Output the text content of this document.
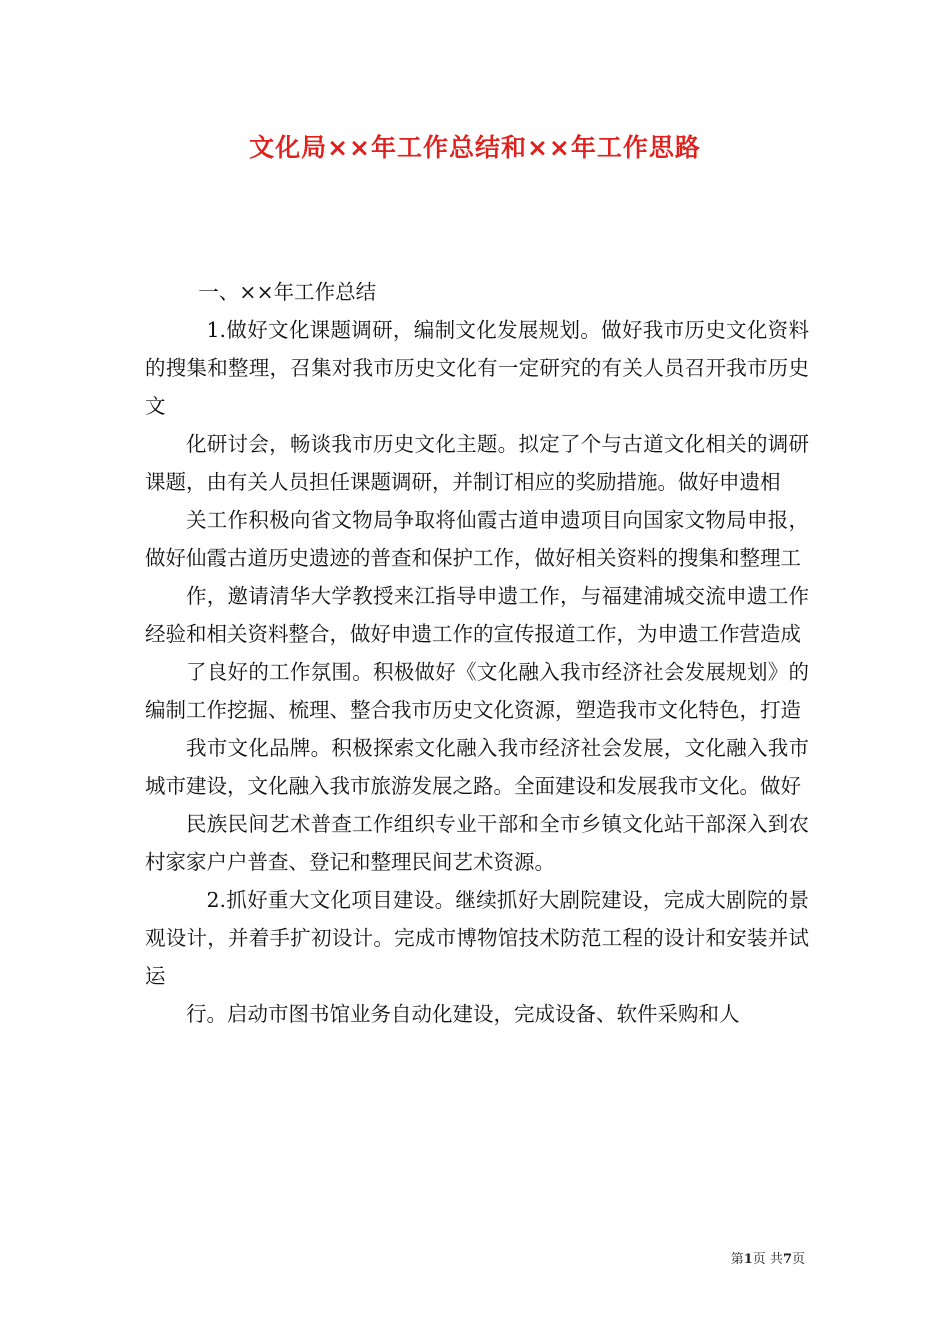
文化局××年工作总结和××年工作思路

一、××年工作总结

1.做好文化课题调研，编制文化发展规划。做好我市历史文化资料的搜集和整理，召集对我市历史文化有一定研究的有关人员召开我市历史文

化研讨会，畅谈我市历史文化主题。拟定了个与古道文化相关的调研课题，由有关人员担任课题调研，并制订相应的奖励措施。做好申遗相

关工作积极向省文物局争取将仙霞古道申遗项目向国家文物局申报，做好仙霞古道历史遗迹的普查和保护工作，做好相关资料的搜集和整理工

作，邀请清华大学教授来江指导申遗工作，与福建浦城交流申遗工作经验和相关资料整合，做好申遗工作的宣传报道工作，为申遗工作营造成

了良好的工作氛围。积极做好《文化融入我市经济社会发展规划》的编制工作挖掘、梳理、整合我市历史文化资源，塑造我市文化特色，打造

我市文化品牌。积极探索文化融入我市经济社会发展，文化融入我市城市建设，文化融入我市旅游发展之路。全面建设和发展我市文化。做好

民族民间艺术普查工作组织专业干部和全市乡镇文化站干部深入到农村家家户户普查、登记和整理民间艺术资源。

2.抓好重大文化项目建设。继续抓好大剧院建设，完成大剧院的景观设计，并着手扩初设计。完成市博物馆技术防范工程的设计和安装并试运

行。启动市图书馆业务自动化建设，完成设备、软件采购和人

第1页 共7页
